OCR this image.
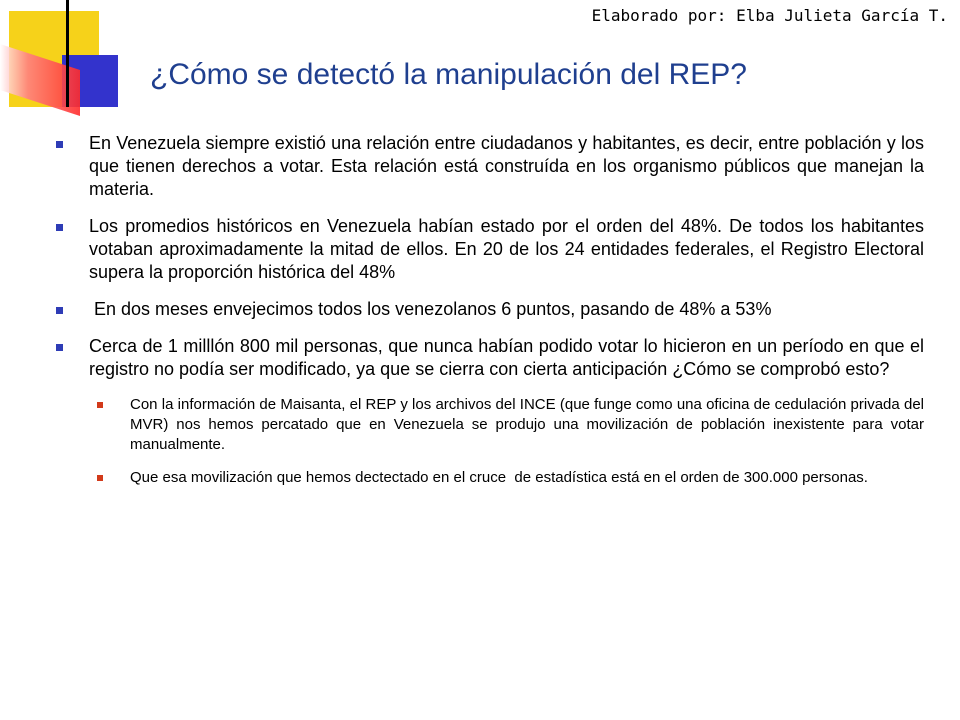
Elaborado por: Elba Julieta García T.
¿Cómo se detectó la manipulación del REP?
En Venezuela siempre existió una relación entre ciudadanos y habitantes, es decir, entre población y los que tienen derechos a votar. Esta relación está construída en los organismo públicos que manejan la materia.
Los promedios históricos en Venezuela habían estado por el orden del 48%. De todos los habitantes votaban aproximadamente la mitad de ellos. En 20 de los 24 entidades federales, el Registro Electoral supera la proporción histórica del 48%
En dos meses envejecimos todos los venezolanos 6 puntos, pasando de 48% a 53%
Cerca de 1 milllón 800 mil personas, que nunca habían podido votar lo hicieron en un período en que el registro no podía ser modificado, ya que se cierra con cierta anticipación ¿Cómo se comprobó esto?
Con la información de Maisanta, el REP y los archivos del INCE (que funge como una oficina de cedulación privada del MVR) nos hemos percatado que en Venezuela se produjo una movilización de población inexistente para votar manualmente.
Que esa movilización que hemos dectectado en el cruce  de estadística está en el orden de 300.000 personas.
